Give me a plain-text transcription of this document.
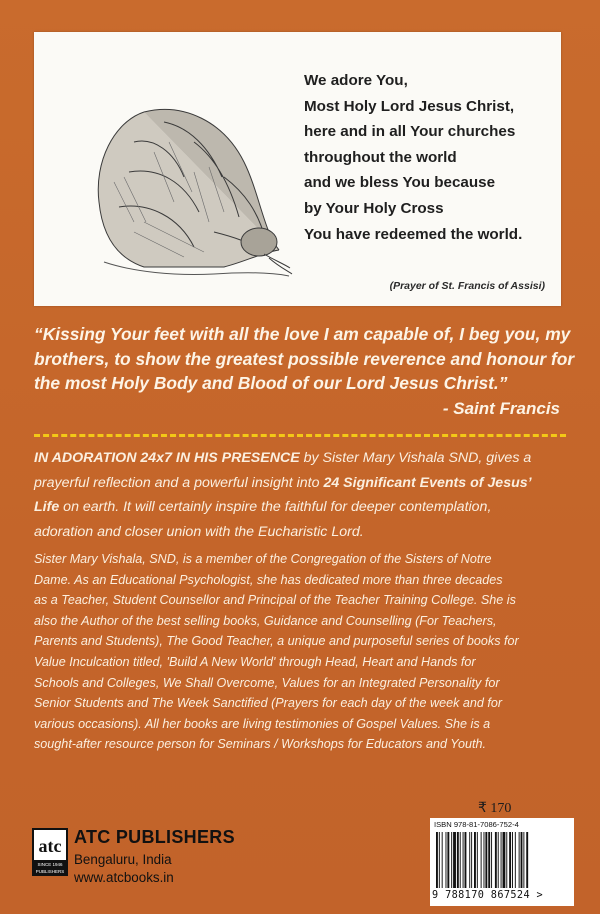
We adore You,
Most Holy Lord Jesus Christ,
here and in all Your churches
throughout the world
and we bless You because
by Your Holy Cross
You have redeemed the world.
(Prayer of St. Francis of Assisi)
“Kissing Your feet with all the love I am capable of, I beg you, my
brothers, to show the greatest possible reverence and honour for
the most Holy Body and Blood of our Lord Jesus Christ.”
- Saint Francis
IN ADORATION 24x7 IN HIS PRESENCE by Sister Mary Vishala SND, gives a
prayerful reflection and a powerful insight into 24 Significant Events of Jesus’
Life on earth. It will certainly inspire the faithful for deeper contemplation,
adoration and closer union with the Eucharistic Lord.
Sister Mary Vishala, SND, is a member of the Congregation of the Sisters of Notre
Dame. As an Educational Psychologist, she has dedicated more than three decades
as a Teacher, Student Counsellor and Principal of the Teacher Training College. She is
also the Author of the best selling books, Guidance and Counselling (For Teachers,
Parents and Students), The Good Teacher, a unique and purposeful series of books for
Value Inculcation titled, 'Build A New World' through Head, Heart and Hands for
Schools and Colleges, We Shall Overcome, Values for an Integrated Personality for
Senior Students and The Week Sanctified (Prayers for each day of the week and for
various occasions). All her books are living testimonies of Gospel Values. She is a
sought-after resource person for Seminars / Workshops for Educators and Youth.
₹ 170
ISBN 978-81-7086-752-4
9 788170 867524 >
atc
SINCE 1946
PUBLISHERS
ATC PUBLISHERS
Bengaluru, India
www.atcbooks.in
